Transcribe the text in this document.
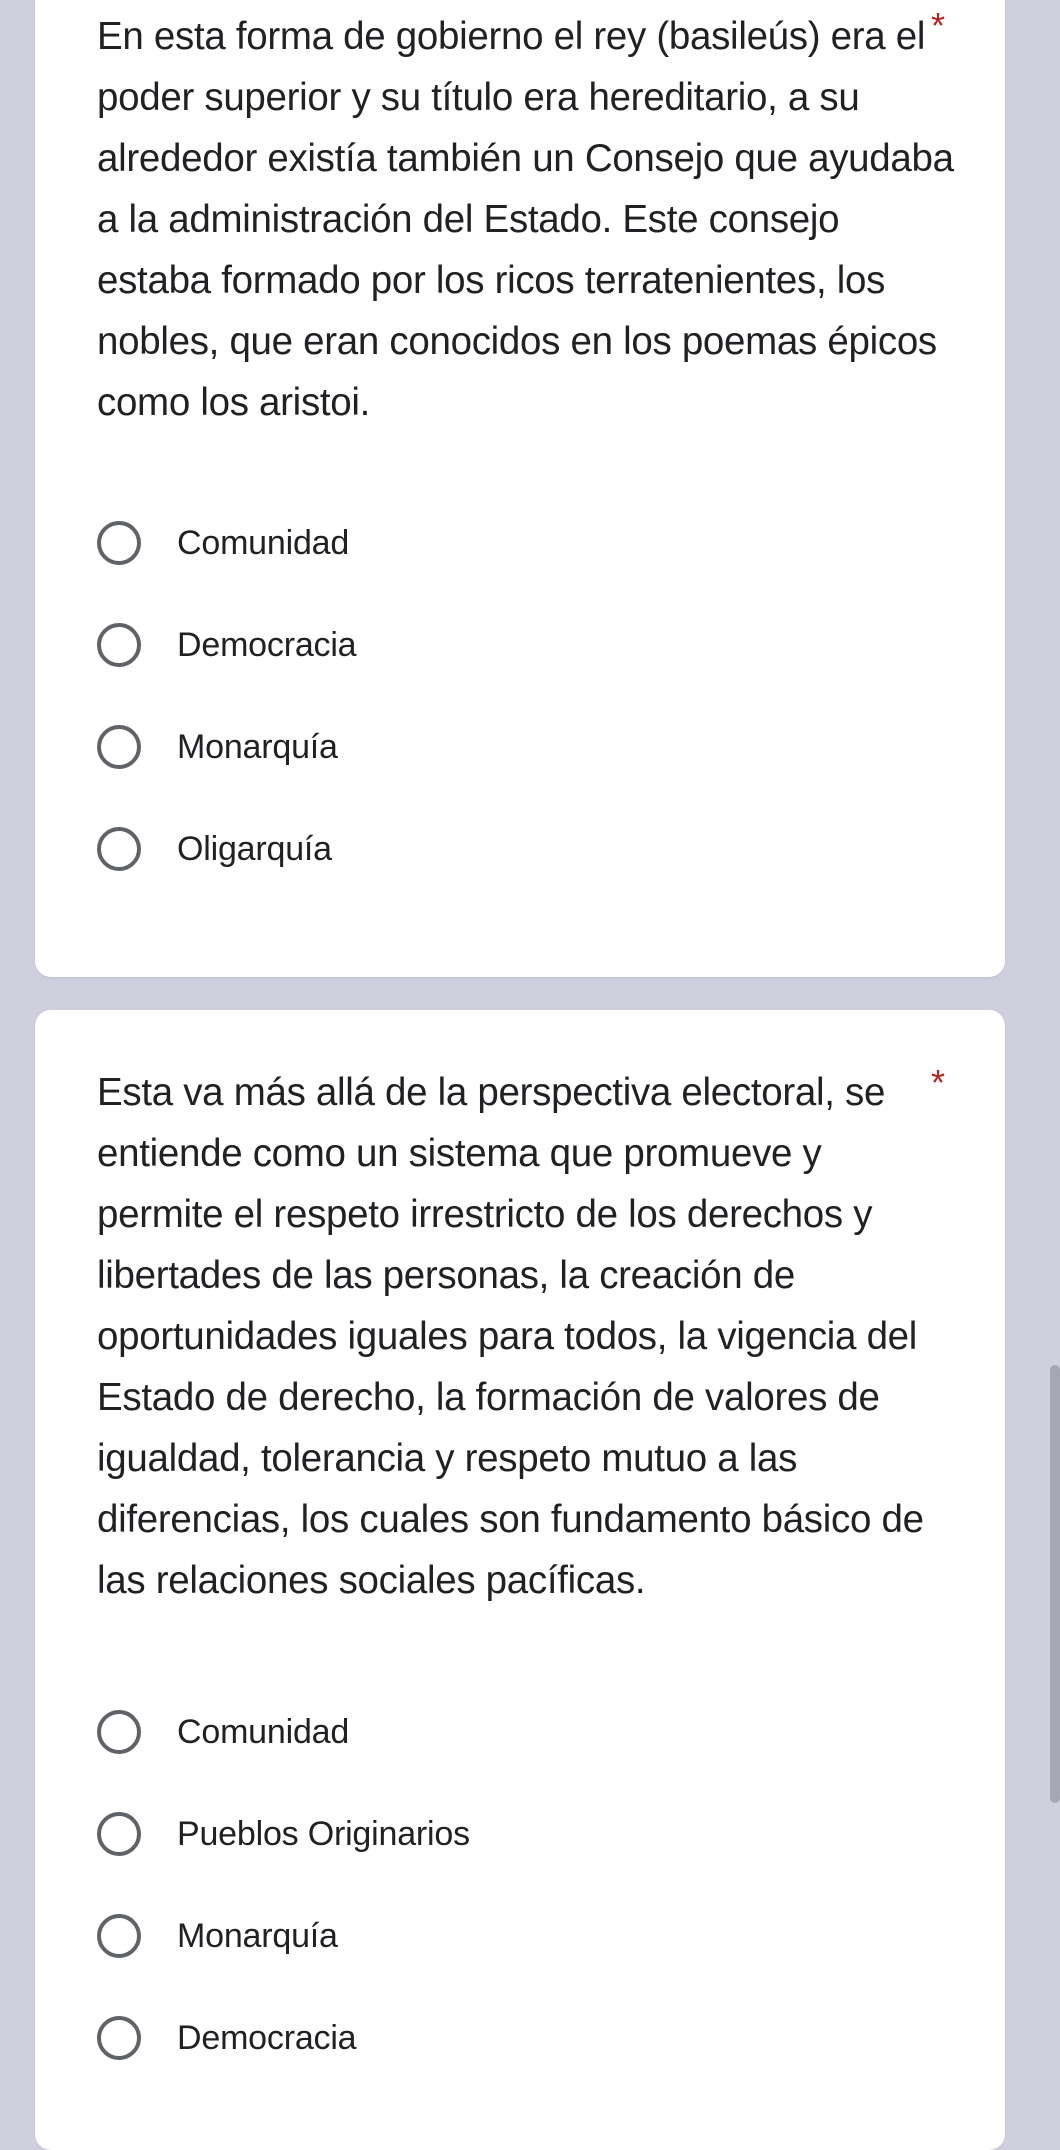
En esta forma de gobierno el rey (basileús) era el poder superior y su título era hereditario, a su alrededor existía también un Consejo que ayudaba a la administración del Estado. Este consejo estaba formado por los ricos terratenientes, los nobles, que eran conocidos en los poemas épicos como los aristoi.
*
Comunidad
Democracia
Monarquía
Oligarquía
Esta va más allá de la perspectiva electoral, se entiende como un sistema que promueve y permite el respeto irrestricto de los derechos y libertades de las personas, la creación de oportunidades iguales para todos, la vigencia del Estado de derecho, la formación de valores de igualdad, tolerancia y respeto mutuo a las diferencias, los cuales son fundamento básico de las relaciones sociales pacíficas.
*
Comunidad
Pueblos Originarios
Monarquía
Democracia
